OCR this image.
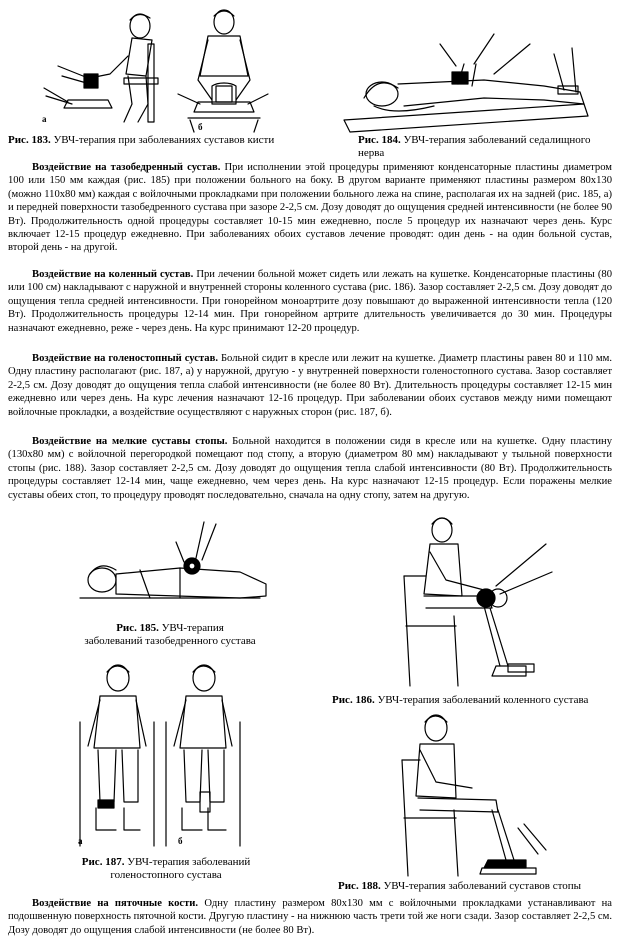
а
б
Рис. 183. УВЧ-терапия при заболеваниях суставов кисти	Рис. 184. УВЧ-терапия заболеваний седалищного нерва

Воздействие на тазобедренный сустав. При исполнении этой процедуры применяют конденсаторные пластины диаметром 100 или 150 мм каждая (рис. 185) при положении больного на боку. В другом варианте применяют пластины размером 80х130 (можно 110х80 мм) каждая с войлочными прокладками при положении больного лежа на спине, располагая их на задней (рис. 185, а) и передней поверхности тазобедренного сустава при зазоре 2-2,5 см. Дозу доводят до ощущения средней интенсивности (не более 90 Вт). Продолжительность одной процедуры составляет 10-15 мин ежедневно, после 5 процедур их назначают через день. Курс включает 12-15 процедур ежедневно. При заболеваниях обоих суставов лечение проводят: один день - на один больной сустав, второй день - на другой.

Воздействие на коленный сустав. При лечении больной может сидеть или лежать на кушетке. Конденсаторные пластины (80 или 100 см) накладывают с наружной и внутренней стороны коленного сустава (рис. 186). Зазор составляет 2-2,5 см. Дозу доводят до ощущения тепла средней интенсивности. При гонорейном моноартрите дозу повышают до выраженной интенсивности тепла (120 Вт). Продолжительность процедуры 12-14 мин. При гонорейном артрите длительность увеличивается до 30 мин. Процедуры назначают ежедневно, реже - через день. На курс принимают 12-20 процедур.

Воздействие на голеностопный сустав. Больной сидит в кресле или лежит на кушетке. Диаметр пластины равен 80 и 110 мм. Одну пластину располагают (рис. 187, а) у наружной, другую - у внутренней поверхности голеностопного сустава. Зазор составляет 2-2,5 см. Дозу доводят до ощущения тепла слабой интенсивности (не более 80 Вт). Длительность процедуры составляет 12-15 мин ежедневно или через день. На курс лечения назначают 12-16 процедур. При заболевании обоих суставов между ними помещают войлочные прокладки, а воздействие осуществляют с наружных сторон (рис. 187, б).

Воздействие на мелкие суставы стопы. Больной находится в положении сидя в кресле или на кушетке. Одну пластину (130х80 мм) с войлочной перегородкой помещают под стопу, а вторую (диаметром 80 мм) накладывают у тыльной поверхности стопы (рис. 188). Зазор составляет 2-2,5 см. Дозу доводят до ощущения тепла слабой интенсивности (80 Вт). Продолжительность процедуры составляет 12-14 мин, чаще ежедневно, чем через день. На курс назначают 12-15 процедур. Если поражены мелкие суставы обеих стоп, то процедуру проводят последовательно, сначала на одну стопу, затем на другую.

Рис. 185. УВЧ-терапия
заболеваний тазобедренного сустава
Рис. 186. УВЧ-терапия заболеваний коленного сустава
а	б
Рис. 187. УВЧ-терапия заболеваний
голеностопного сустава
Рис. 188. УВЧ-терапия заболеваний суставов стопы

Воздействие на пяточные кости. Одну пластину размером 80х130 мм с войлочными прокладками устанавливают на подошвенную поверхность пяточной кости. Другую пластину - на нижнюю часть трети той же ноги сзади. Зазор составляет 2-2,5 см. Дозу доводят до ощущения слабой интенсивности (не более 80 Вт).
